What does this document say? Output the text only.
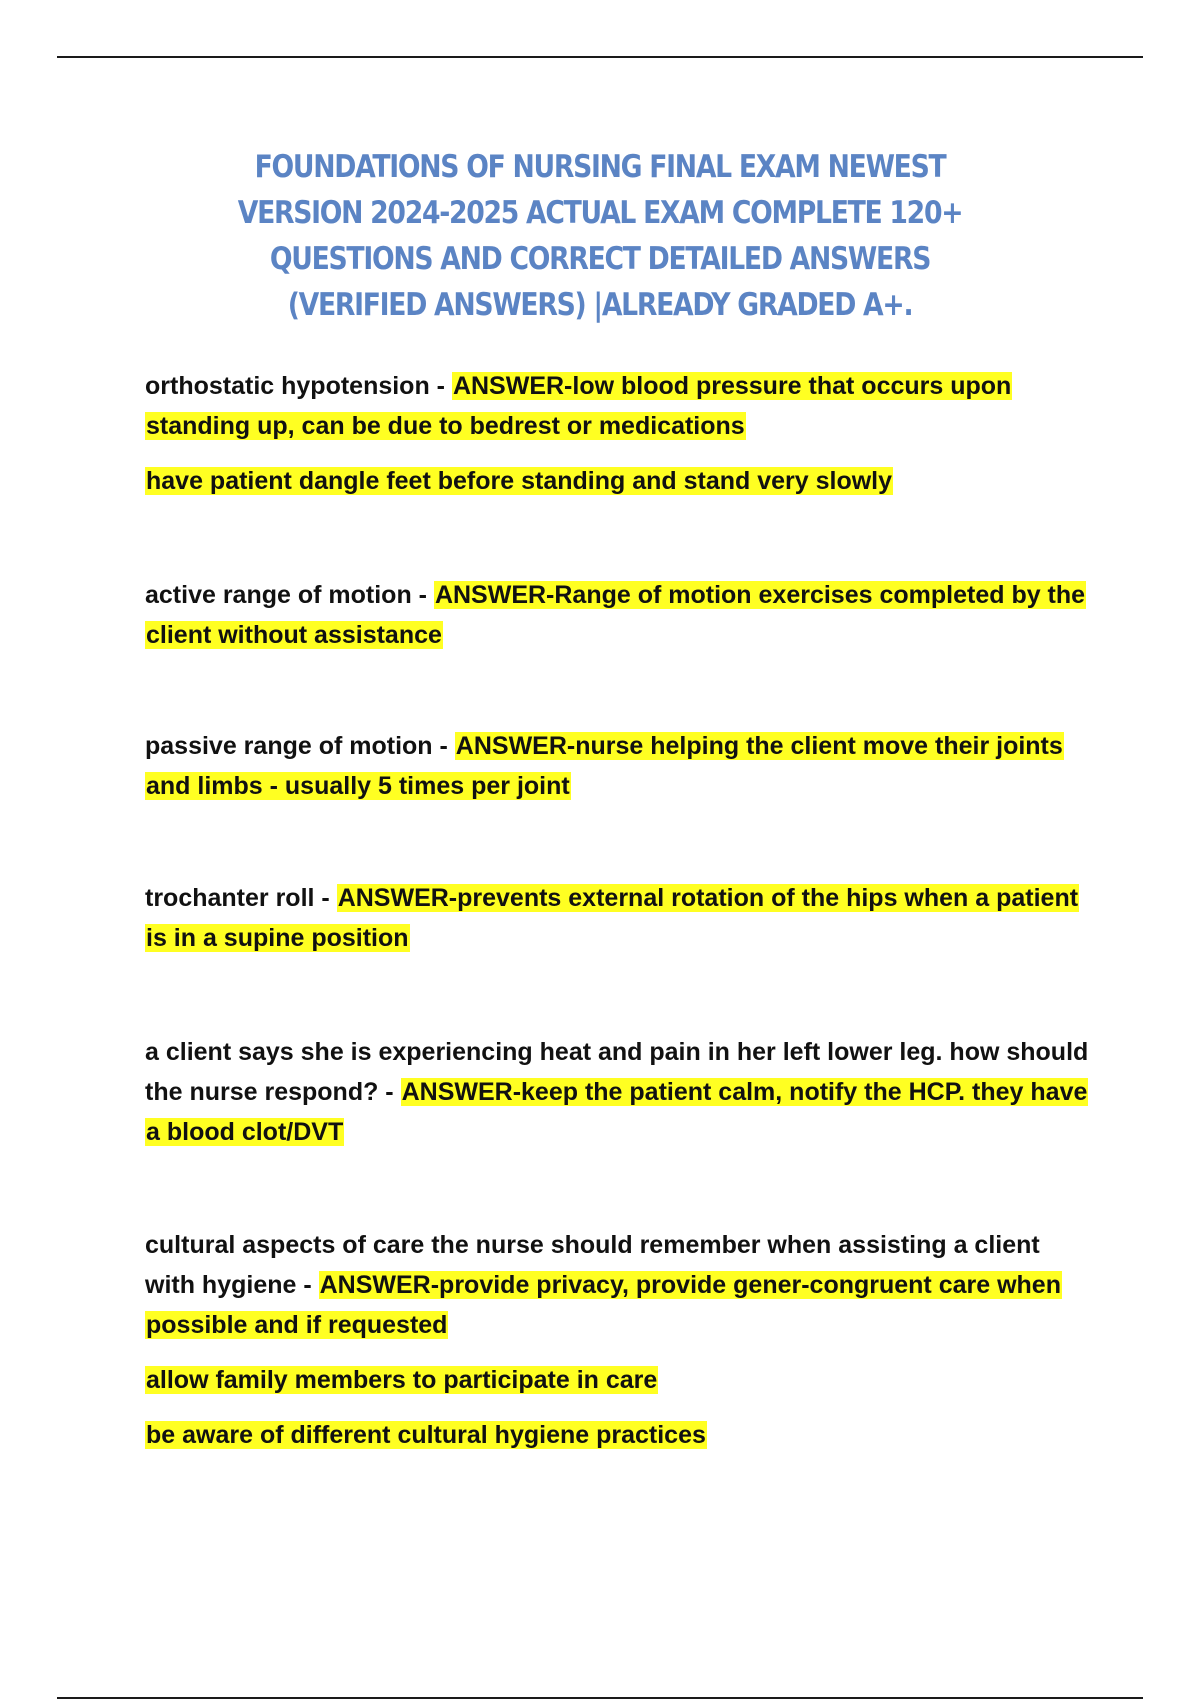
FOUNDATIONS OF NURSING FINAL EXAM NEWEST VERSION 2024-2025 ACTUAL EXAM COMPLETE 120+ QUESTIONS AND CORRECT DETAILED ANSWERS (VERIFIED ANSWERS) |ALREADY GRADED A+.

orthostatic hypotension - ANSWER-low blood pressure that occurs upon standing up, can be due to bedrest or medications

have patient dangle feet before standing and stand very slowly

active range of motion - ANSWER-Range of motion exercises completed by the client without assistance

passive range of motion - ANSWER-nurse helping the client move their joints and limbs - usually 5 times per joint

trochanter roll - ANSWER-prevents external rotation of the hips when a patient is in a supine position

a client says she is experiencing heat and pain in her left lower leg. how should the nurse respond? - ANSWER-keep the patient calm, notify the HCP. they have a blood clot/DVT

cultural aspects of care the nurse should remember when assisting a client with hygiene - ANSWER-provide privacy, provide gener-congruent care when possible and if requested

allow family members to participate in care

be aware of different cultural hygiene practices
